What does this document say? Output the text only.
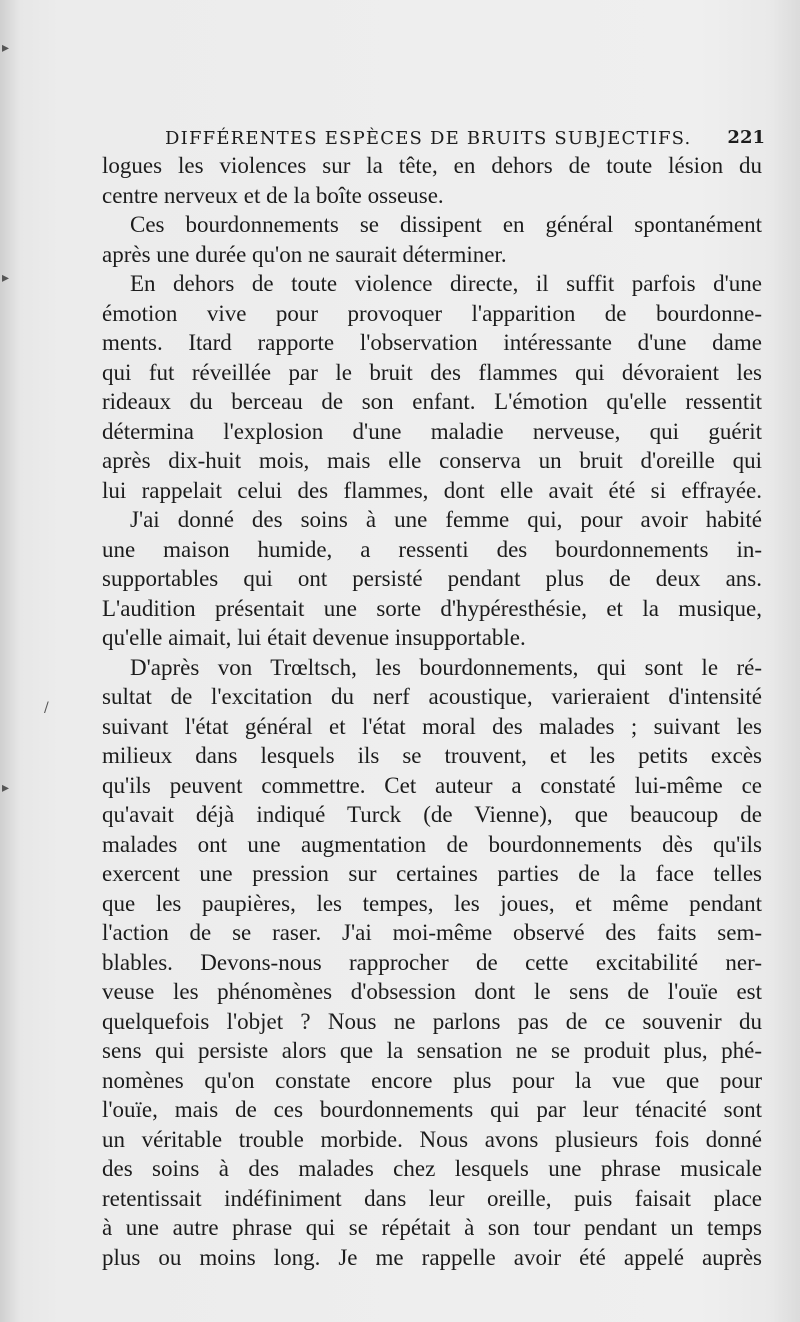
DIFFÉRENTES ESPÈCES DE BRUITS SUBJECTIFS. 221
logues les violences sur la tête, en dehors de toute lésion du
centre nerveux et de la boîte osseuse.
Ces bourdonnements se dissipent en général spontanément
après une durée qu'on ne saurait déterminer.
En dehors de toute violence directe, il suffit parfois d'une
émotion vive pour provoquer l'apparition de bourdonne-
ments. Itard rapporte l'observation intéressante d'une dame
qui fut réveillée par le bruit des flammes qui dévoraient les
rideaux du berceau de son enfant. L'émotion qu'elle ressentit
détermina l'explosion d'une maladie nerveuse, qui guérit
après dix-huit mois, mais elle conserva un bruit d'oreille qui
lui rappelait celui des flammes, dont elle avait été si effrayée.
J'ai donné des soins à une femme qui, pour avoir habité
une maison humide, a ressenti des bourdonnements in-
supportables qui ont persisté pendant plus de deux ans.
L'audition présentait une sorte d'hypéresthésie, et la musique,
qu'elle aimait, lui était devenue insupportable.
D'après von Trœltsch, les bourdonnements, qui sont le ré-
sultat de l'excitation du nerf acoustique, varieraient d'intensité
suivant l'état général et l'état moral des malades ; suivant les
milieux dans lesquels ils se trouvent, et les petits excès
qu'ils peuvent commettre. Cet auteur a constaté lui-même ce
qu'avait déjà indiqué Turck (de Vienne), que beaucoup de
malades ont une augmentation de bourdonnements dès qu'ils
exercent une pression sur certaines parties de la face telles
que les paupières, les tempes, les joues, et même pendant
l'action de se raser. J'ai moi-même observé des faits sem-
blables. Devons-nous rapprocher de cette excitabilité ner-
veuse les phénomènes d'obsession dont le sens de l'ouïe est
quelquefois l'objet ? Nous ne parlons pas de ce souvenir du
sens qui persiste alors que la sensation ne se produit plus, phé-
nomènes qu'on constate encore plus pour la vue que pour
l'ouïe, mais de ces bourdonnements qui par leur ténacité sont
un véritable trouble morbide. Nous avons plusieurs fois donné
des soins à des malades chez lesquels une phrase musicale
retentissait indéfiniment dans leur oreille, puis faisait place
à une autre phrase qui se répétait à son tour pendant un temps
plus ou moins long. Je me rappelle avoir été appelé auprès
▸
▸
▸
/
